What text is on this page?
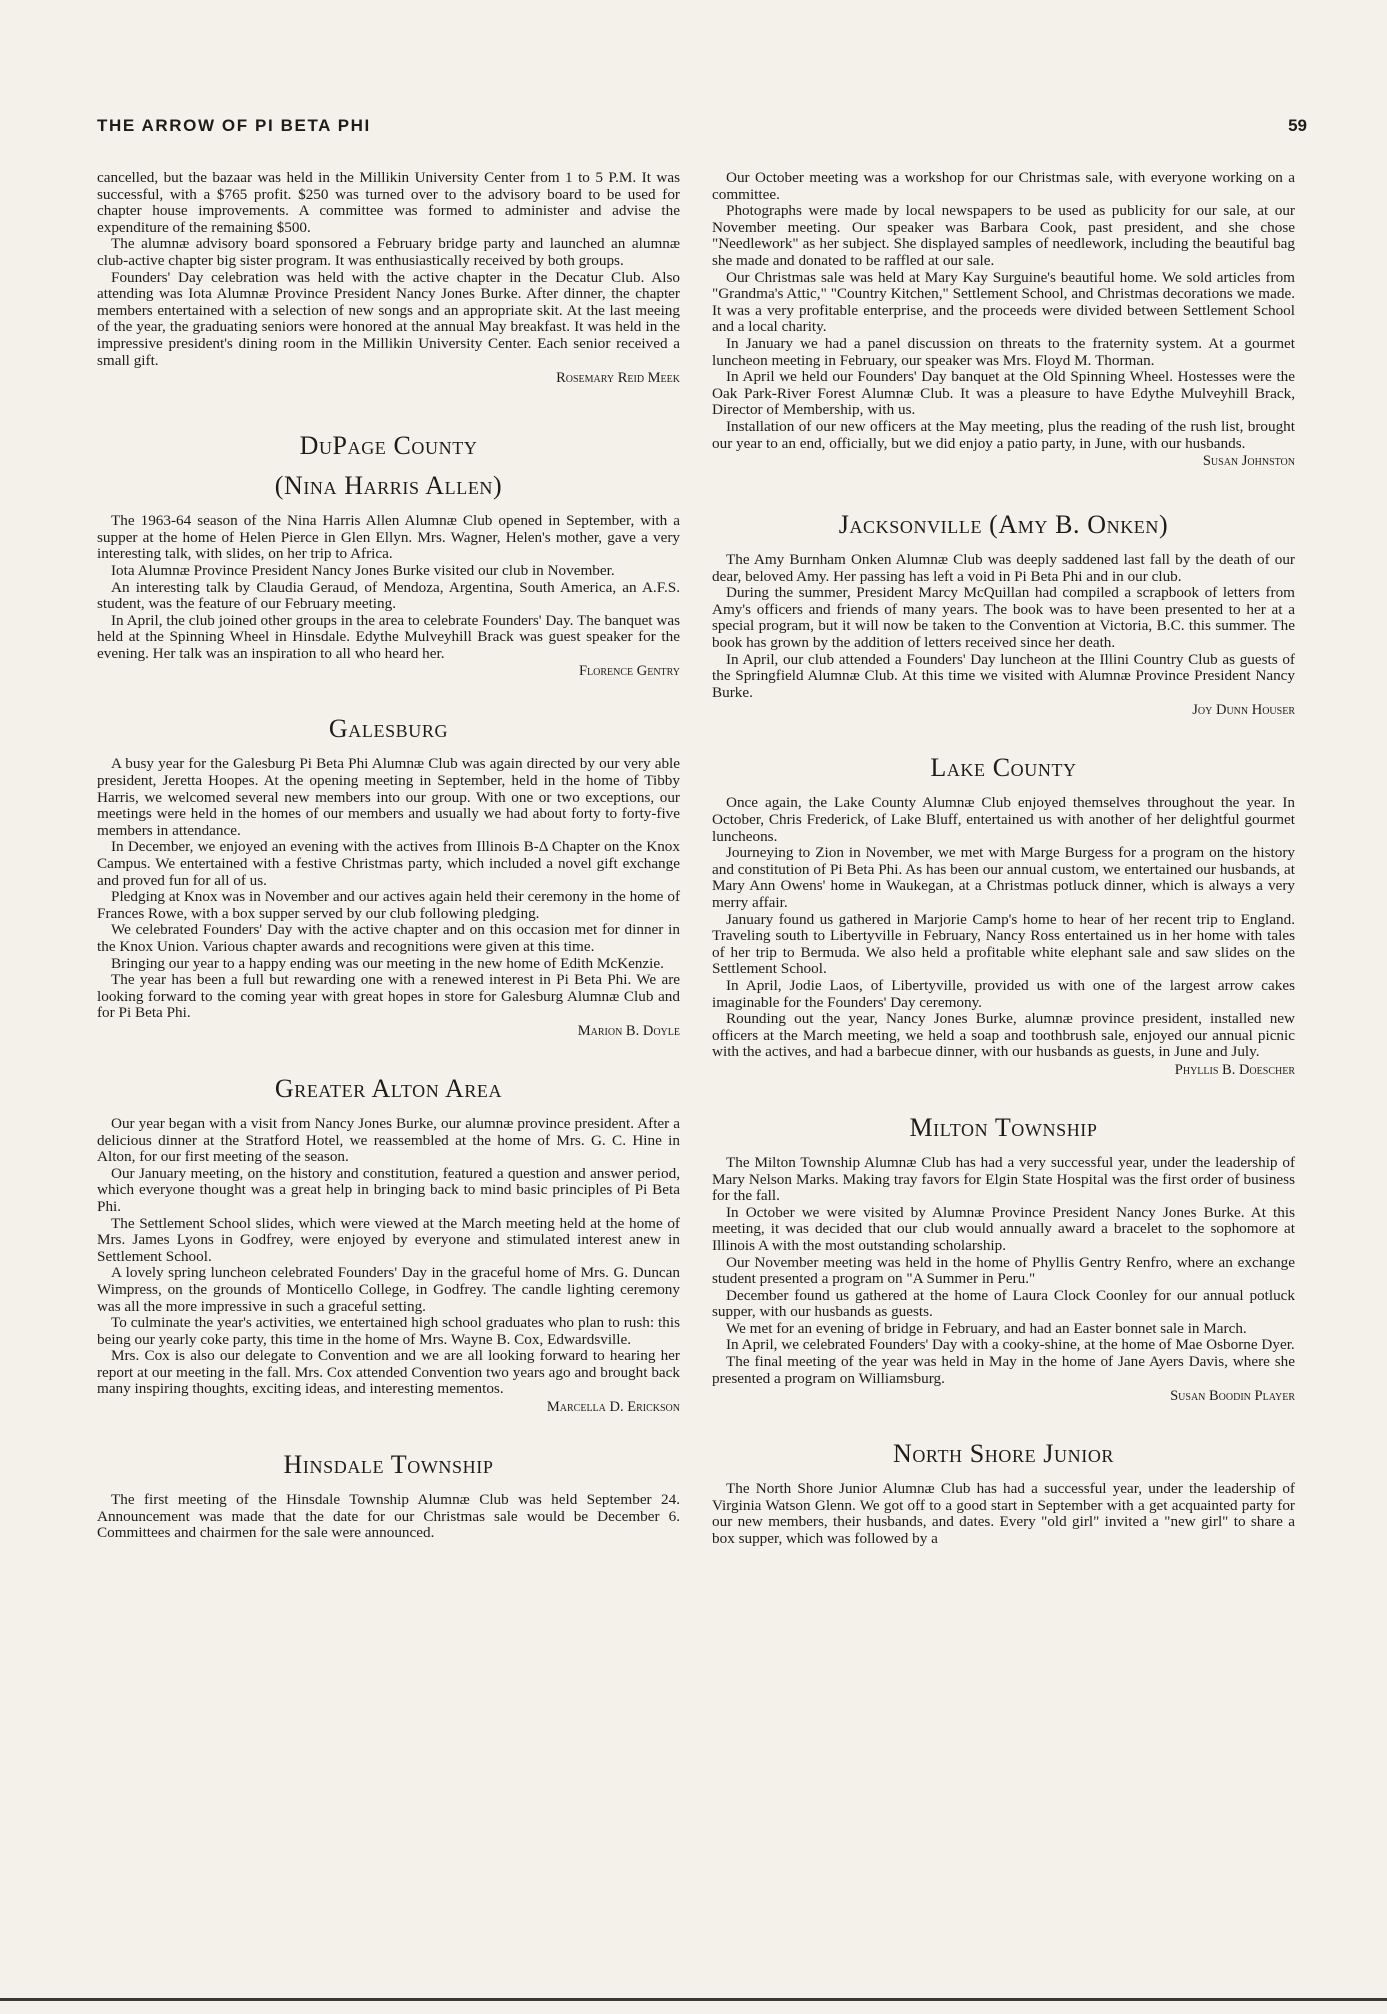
THE ARROW OF PI BETA PHI	59

cancelled, but the bazaar was held in the Millikin University Center from 1 to 5 P.M. It was successful, with a $765 profit. $250 was turned over to the advisory board to be used for chapter house improvements. A committee was formed to administer and advise the expenditure of the remaining $500.

The alumnæ advisory board sponsored a February bridge party and launched an alumnæ club-active chapter big sister program. It was enthusiastically received by both groups.

Founders' Day celebration was held with the active chapter in the Decatur Club. Also attending was Iota Alumnæ Province President Nancy Jones Burke. After dinner, the chapter members entertained with a selection of new songs and an appropriate skit. At the last meeing of the year, the graduating seniors were honored at the annual May breakfast. It was held in the impressive president's dining room in the Millikin University Center. Each senior received a small gift.

Rosemary Reid Meek

DuPage County
(Nina Harris Allen)

The 1963-64 season of the Nina Harris Allen Alumnæ Club opened in September, with a supper at the home of Helen Pierce in Glen Ellyn. Mrs. Wagner, Helen's mother, gave a very interesting talk, with slides, on her trip to Africa.

Iota Alumnæ Province President Nancy Jones Burke visited our club in November.

An interesting talk by Claudia Geraud, of Mendoza, Argentina, South America, an A.F.S. student, was the feature of our February meeting.

In April, the club joined other groups in the area to celebrate Founders' Day. The banquet was held at the Spinning Wheel in Hinsdale. Edythe Mulveyhill Brack was guest speaker for the evening. Her talk was an inspiration to all who heard her.

Florence Gentry

Galesburg

A busy year for the Galesburg Pi Beta Phi Alumnæ Club was again directed by our very able president, Jeretta Hoopes. At the opening meeting in September, held in the home of Tibby Harris, we welcomed several new members into our group. With one or two exceptions, our meetings were held in the homes of our members and usually we had about forty to forty-five members in attendance.

In December, we enjoyed an evening with the actives from Illinois B-Δ Chapter on the Knox Campus. We entertained with a festive Christmas party, which included a novel gift exchange and proved fun for all of us.

Pledging at Knox was in November and our actives again held their ceremony in the home of Frances Rowe, with a box supper served by our club following pledging.

We celebrated Founders' Day with the active chapter and on this occasion met for dinner in the Knox Union. Various chapter awards and recognitions were given at this time.

Bringing our year to a happy ending was our meeting in the new home of Edith McKenzie.

The year has been a full but rewarding one with a renewed interest in Pi Beta Phi. We are looking forward to the coming year with great hopes in store for Galesburg Alumnæ Club and for Pi Beta Phi.

Marion B. Doyle

Greater Alton Area

Our year began with a visit from Nancy Jones Burke, our alumnæ province president. After a delicious dinner at the Stratford Hotel, we reassembled at the home of Mrs. G. C. Hine in Alton, for our first meeting of the season.

Our January meeting, on the history and constitution, featured a question and answer period, which everyone thought was a great help in bringing back to mind basic principles of Pi Beta Phi.

The Settlement School slides, which were viewed at the March meeting held at the home of Mrs. James Lyons in Godfrey, were enjoyed by everyone and stimulated interest anew in Settlement School.

A lovely spring luncheon celebrated Founders' Day in the graceful home of Mrs. G. Duncan Wimpress, on the grounds of Monticello College, in Godfrey. The candle lighting ceremony was all the more impressive in such a graceful setting.

To culminate the year's activities, we entertained high school graduates who plan to rush: this being our yearly coke party, this time in the home of Mrs. Wayne B. Cox, Edwardsville.

Mrs. Cox is also our delegate to Convention and we are all looking forward to hearing her report at our meeting in the fall. Mrs. Cox attended Convention two years ago and brought back many inspiring thoughts, exciting ideas, and interesting mementos.

Marcella D. Erickson

Hinsdale Township

The first meeting of the Hinsdale Township Alumnæ Club was held September 24. Announcement was made that the date for our Christmas sale would be December 6. Committees and chairmen for the sale were announced.

Our October meeting was a workshop for our Christmas sale, with everyone working on a committee.

Photographs were made by local newspapers to be used as publicity for our sale, at our November meeting. Our speaker was Barbara Cook, past president, and she chose "Needlework" as her subject. She displayed samples of needlework, including the beautiful bag she made and donated to be raffled at our sale.

Our Christmas sale was held at Mary Kay Surguine's beautiful home. We sold articles from "Grandma's Attic," "Country Kitchen," Settlement School, and Christmas decorations we made. It was a very profitable enterprise, and the proceeds were divided between Settlement School and a local charity.

In January we had a panel discussion on threats to the fraternity system. At a gourmet luncheon meeting in February, our speaker was Mrs. Floyd M. Thorman.

In April we held our Founders' Day banquet at the Old Spinning Wheel. Hostesses were the Oak Park-River Forest Alumnæ Club. It was a pleasure to have Edythe Mulveyhill Brack, Director of Membership, with us.

Installation of our new officers at the May meeting, plus the reading of the rush list, brought our year to an end, officially, but we did enjoy a patio party, in June, with our husbands.

Susan Johnston

Jacksonville (Amy B. Onken)

The Amy Burnham Onken Alumnæ Club was deeply saddened last fall by the death of our dear, beloved Amy. Her passing has left a void in Pi Beta Phi and in our club.

During the summer, President Marcy McQuillan had compiled a scrapbook of letters from Amy's officers and friends of many years. The book was to have been presented to her at a special program, but it will now be taken to the Convention at Victoria, B.C. this summer. The book has grown by the addition of letters received since her death.

In April, our club attended a Founders' Day luncheon at the Illini Country Club as guests of the Springfield Alumnæ Club. At this time we visited with Alumnæ Province President Nancy Burke.

Joy Dunn Houser

Lake County

Once again, the Lake County Alumnæ Club enjoyed themselves throughout the year. In October, Chris Frederick, of Lake Bluff, entertained us with another of her delightful gourmet luncheons.

Journeying to Zion in November, we met with Marge Burgess for a program on the history and constitution of Pi Beta Phi. As has been our annual custom, we entertained our husbands, at Mary Ann Owens' home in Waukegan, at a Christmas potluck dinner, which is always a very merry affair.

January found us gathered in Marjorie Camp's home to hear of her recent trip to England. Traveling south to Libertyville in February, Nancy Ross entertained us in her home with tales of her trip to Bermuda. We also held a profitable white elephant sale and saw slides on the Settlement School.

In April, Jodie Laos, of Libertyville, provided us with one of the largest arrow cakes imaginable for the Founders' Day ceremony.

Rounding out the year, Nancy Jones Burke, alumnæ province president, installed new officers at the March meeting, we held a soap and toothbrush sale, enjoyed our annual picnic with the actives, and had a barbecue dinner, with our husbands as guests, in June and July.

Phyllis B. Doescher

Milton Township

The Milton Township Alumnæ Club has had a very successful year, under the leadership of Mary Nelson Marks. Making tray favors for Elgin State Hospital was the first order of business for the fall.

In October we were visited by Alumnæ Province President Nancy Jones Burke. At this meeting, it was decided that our club would annually award a bracelet to the sophomore at Illinois A with the most outstanding scholarship.

Our November meeting was held in the home of Phyllis Gentry Renfro, where an exchange student presented a program on "A Summer in Peru."

December found us gathered at the home of Laura Clock Coonley for our annual potluck supper, with our husbands as guests.

We met for an evening of bridge in February, and had an Easter bonnet sale in March.

In April, we celebrated Founders' Day with a cooky-shine, at the home of Mae Osborne Dyer.

The final meeting of the year was held in May in the home of Jane Ayers Davis, where she presented a program on Williamsburg.

Susan Boodin Player

North Shore Junior

The North Shore Junior Alumnæ Club has had a successful year, under the leadership of Virginia Watson Glenn. We got off to a good start in September with a get acquainted party for our new members, their husbands, and dates. Every "old girl" invited a "new girl" to share a box supper, which was followed by a
